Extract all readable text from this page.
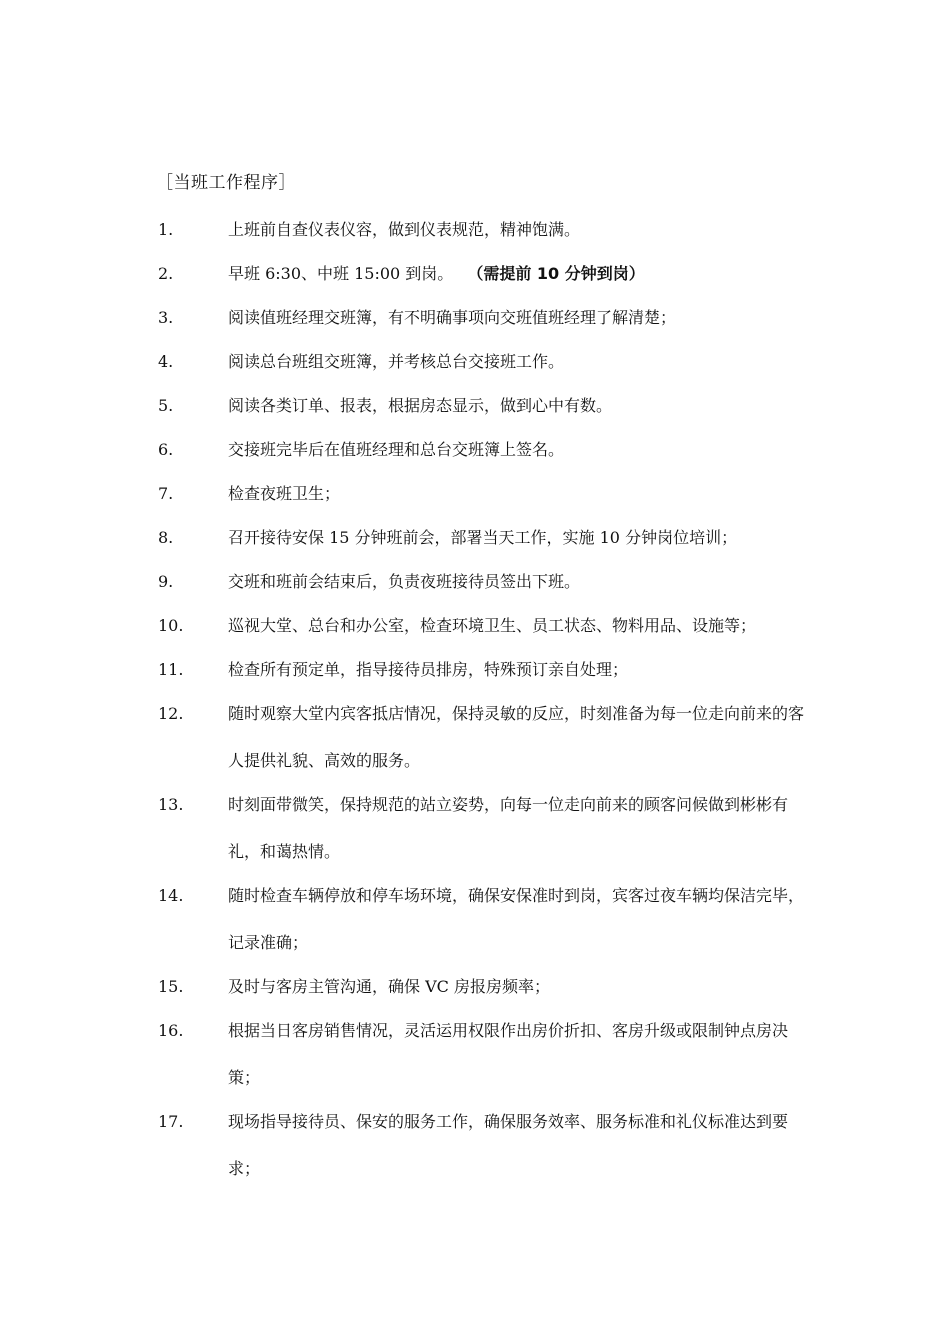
［当班工作程序］
1.	上班前自查仪表仪容，做到仪表规范，精神饱满。
2.	早班 6:30、中班 15:00 到岗。 （需提前 10 分钟到岗）
3.	阅读值班经理交班簿，有不明确事项向交班值班经理了解清楚；
4.	阅读总台班组交班簿，并考核总台交接班工作。
5.	阅读各类订单、报表，根据房态显示，做到心中有数。
6.	交接班完毕后在值班经理和总台交班簿上签名。
7.	检查夜班卫生；
8.	召开接待安保 15 分钟班前会，部署当天工作，实施 10 分钟岗位培训；
9.	交班和班前会结束后，负责夜班接待员签出下班。
10.	巡视大堂、总台和办公室，检查环境卫生、员工状态、物料用品、设施等；
11.	检查所有预定单，指导接待员排房，特殊预订亲自处理；
12.	随时观察大堂内宾客抵店情况，保持灵敏的反应，时刻准备为每一位走向前来的客人提供礼貌、高效的服务。
13.	时刻面带微笑，保持规范的站立姿势，向每一位走向前来的顾客问候做到彬彬有礼，和蔼热情。
14.	随时检查车辆停放和停车场环境，确保安保准时到岗，宾客过夜车辆均保洁完毕，记录准确；
15.	及时与客房主管沟通，确保 VC 房报房频率；
16.	根据当日客房销售情况，灵活运用权限作出房价折扣、客房升级或限制钟点房决策；
17.	现场指导接待员、保安的服务工作，确保服务效率、服务标准和礼仪标准达到要求；
